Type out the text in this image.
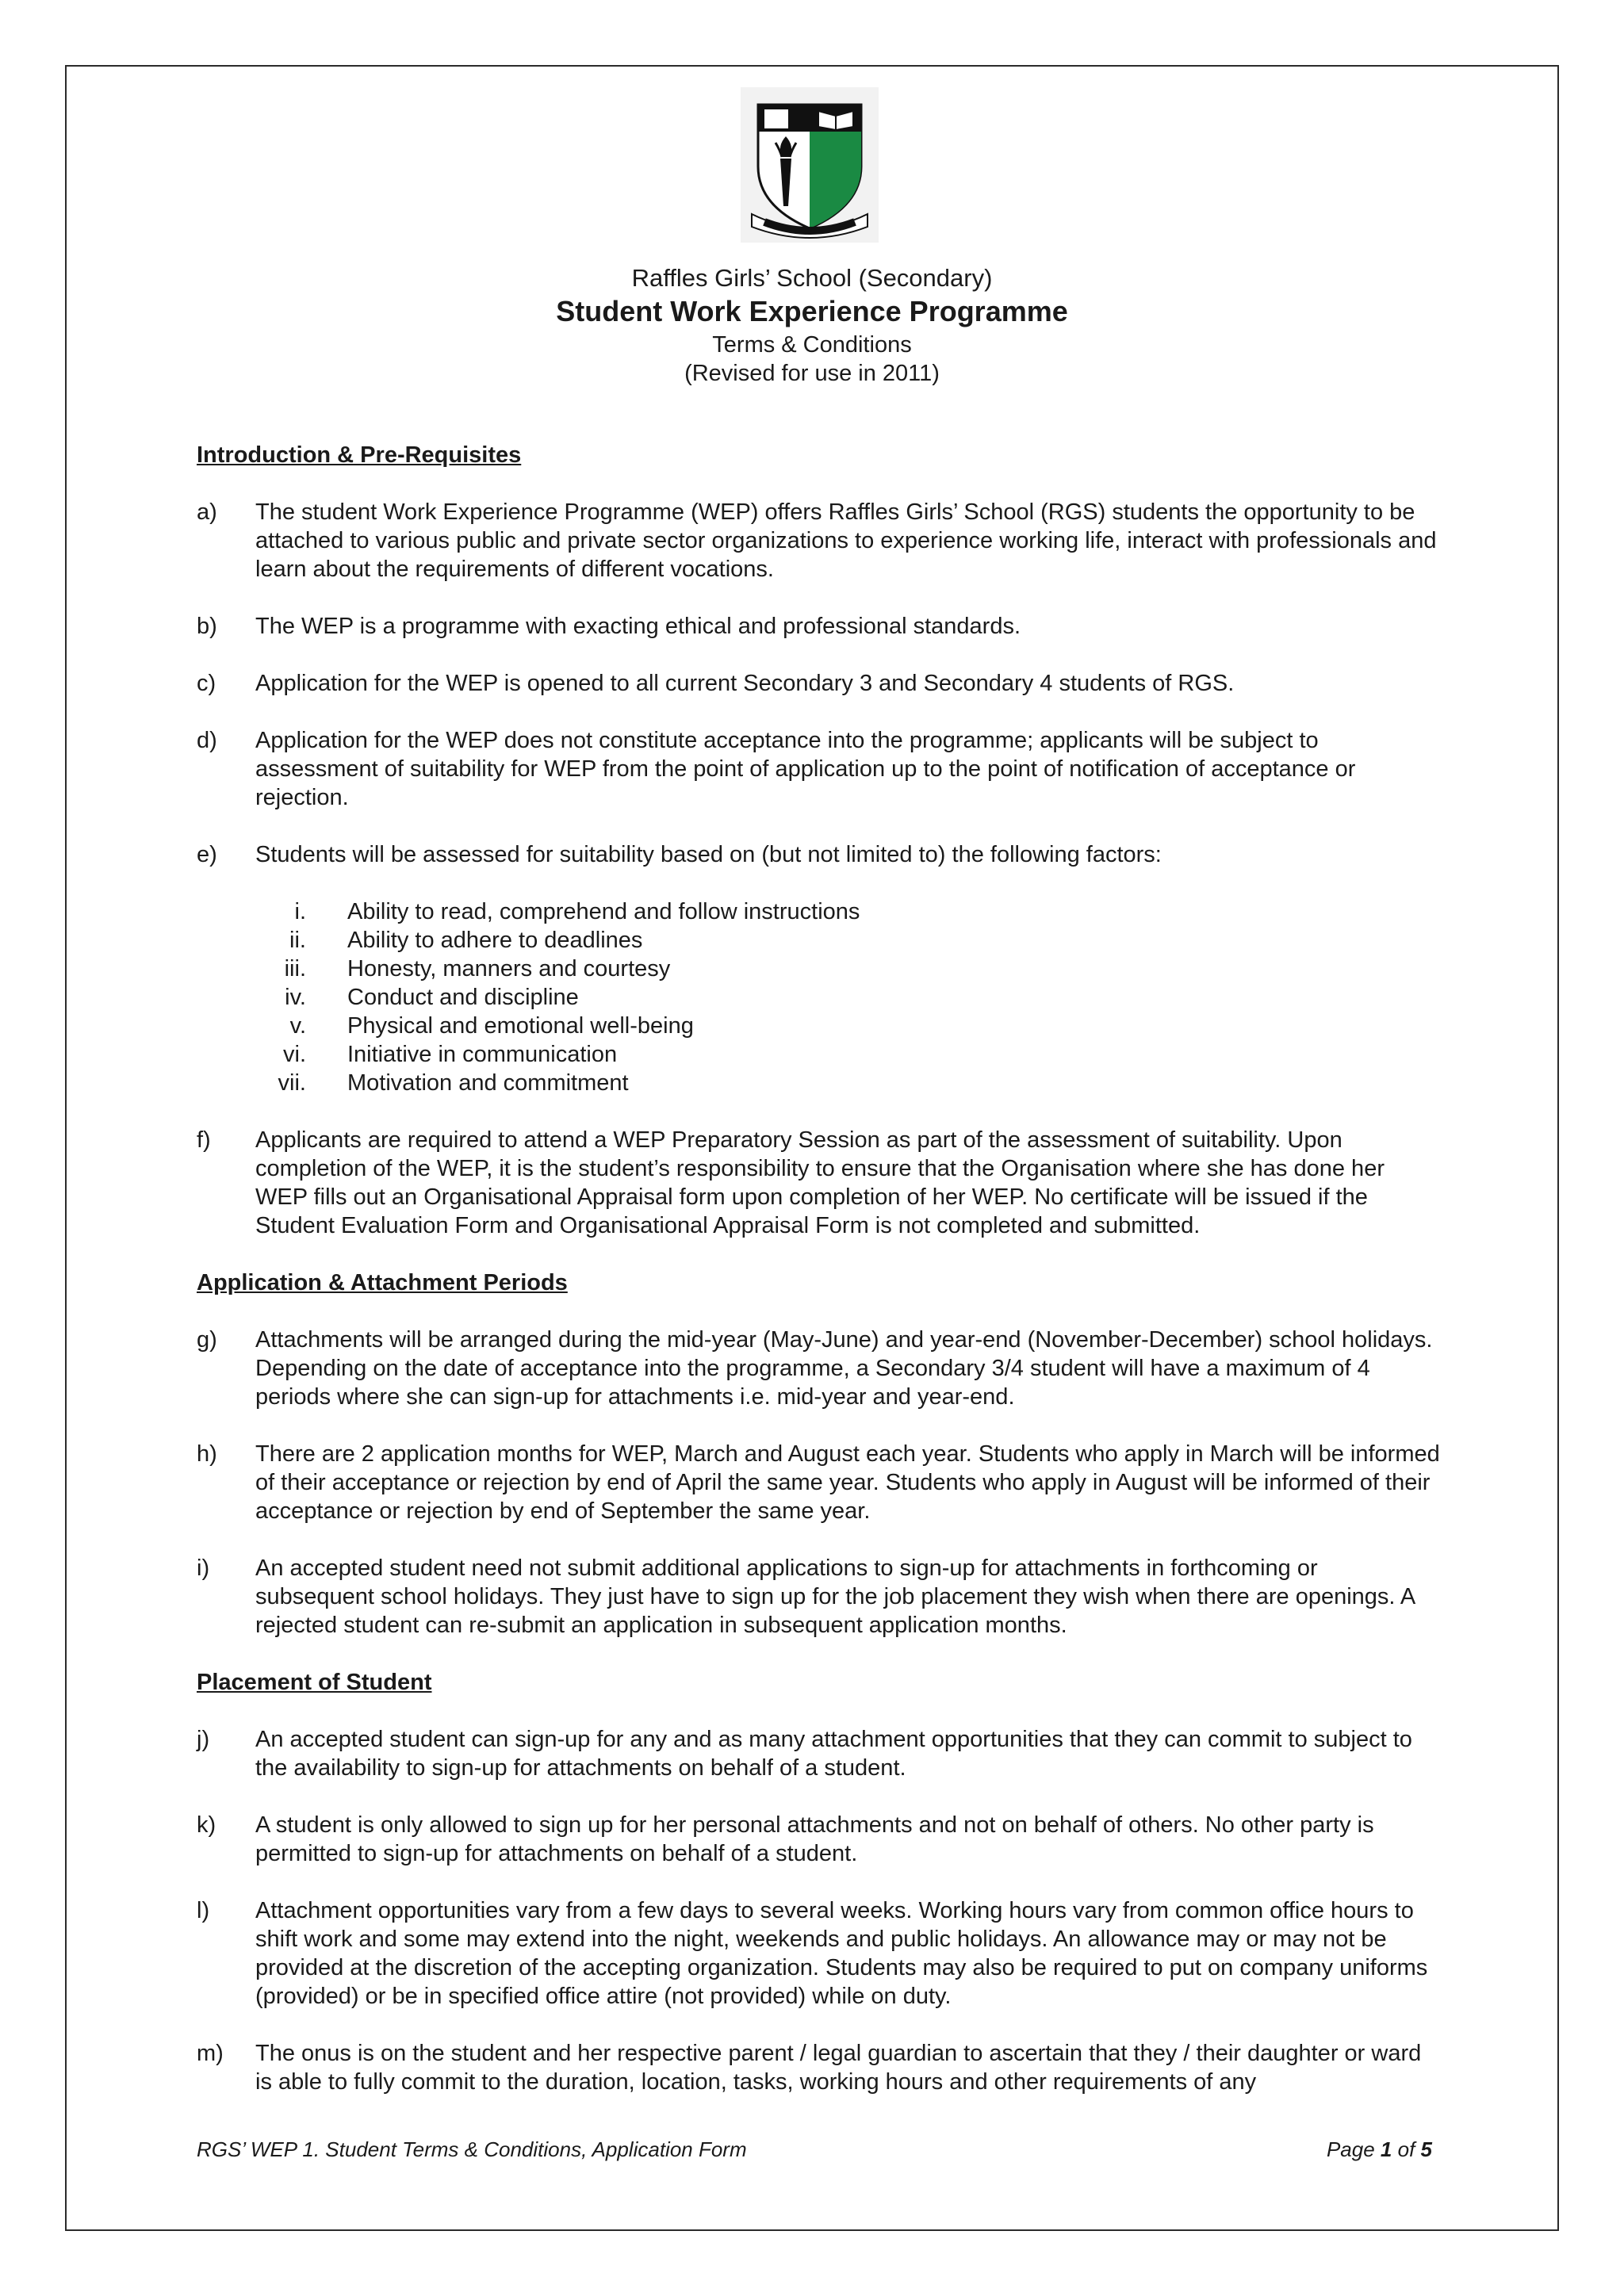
Raffles Girls’ School (Secondary)
Student Work Experience Programme
Terms & Conditions
(Revised for use in 2011)
Introduction & Pre-Requisites
a)	The student Work Experience Programme (WEP) offers Raffles Girls’ School (RGS) students the opportunity to be attached to various public and private sector organizations to experience working life, interact with professionals and learn about the requirements of different vocations.
b)	The WEP is a programme with exacting ethical and professional standards.
c)	Application for the WEP is opened to all current Secondary 3 and Secondary 4 students of RGS.
d)	Application for the WEP does not constitute acceptance into the programme; applicants will be subject to assessment of suitability for WEP from the point of application up to the point of notification of acceptance or rejection.
e)	Students will be assessed for suitability based on (but not limited to) the following factors:
i. Ability to read, comprehend and follow instructions
ii. Ability to adhere to deadlines
iii. Honesty, manners and courtesy
iv. Conduct and discipline
v. Physical and emotional well-being
vi. Initiative in communication
vii. Motivation and commitment
f)	Applicants are required to attend a WEP Preparatory Session as part of the assessment of suitability. Upon completion of the WEP, it is the student’s responsibility to ensure that the Organisation where she has done her WEP fills out an Organisational Appraisal form upon completion of her WEP. No certificate will be issued if the Student Evaluation Form and Organisational Appraisal Form is not completed and submitted.
Application & Attachment Periods
g)	Attachments will be arranged during the mid-year (May-June) and year-end (November-December) school holidays. Depending on the date of acceptance into the programme, a Secondary 3/4 student will have a maximum of 4 periods where she can sign-up for attachments i.e. mid-year and year-end.
h)	There are 2 application months for WEP, March and August each year. Students who apply in March will be informed of their acceptance or rejection by end of April the same year. Students who apply in August will be informed of their acceptance or rejection by end of September the same year.
i)	An accepted student need not submit additional applications to sign-up for attachments in forthcoming or subsequent school holidays. They just have to sign up for the job placement they wish when there are openings. A rejected student can re-submit an application in subsequent application months.
Placement of Student
j)	An accepted student can sign-up for any and as many attachment opportunities that they can commit to subject to the availability to sign-up for attachments on behalf of a student.
k)	A student is only allowed to sign up for her personal attachments and not on behalf of others. No other party is permitted to sign-up for attachments on behalf of a student.
l)	Attachment opportunities vary from a few days to several weeks. Working hours vary from common office hours to shift work and some may extend into the night, weekends and public holidays. An allowance may or may not be provided at the discretion of the accepting organization. Students may also be required to put on company uniforms (provided) or be in specified office attire (not provided) while on duty.
m)	The onus is on the student and her respective parent / legal guardian to ascertain that they / their daughter or ward is able to fully commit to the duration, location, tasks, working hours and other requirements of any
RGS’ WEP 1. Student Terms & Conditions, Application Form	Page 1 of 5
